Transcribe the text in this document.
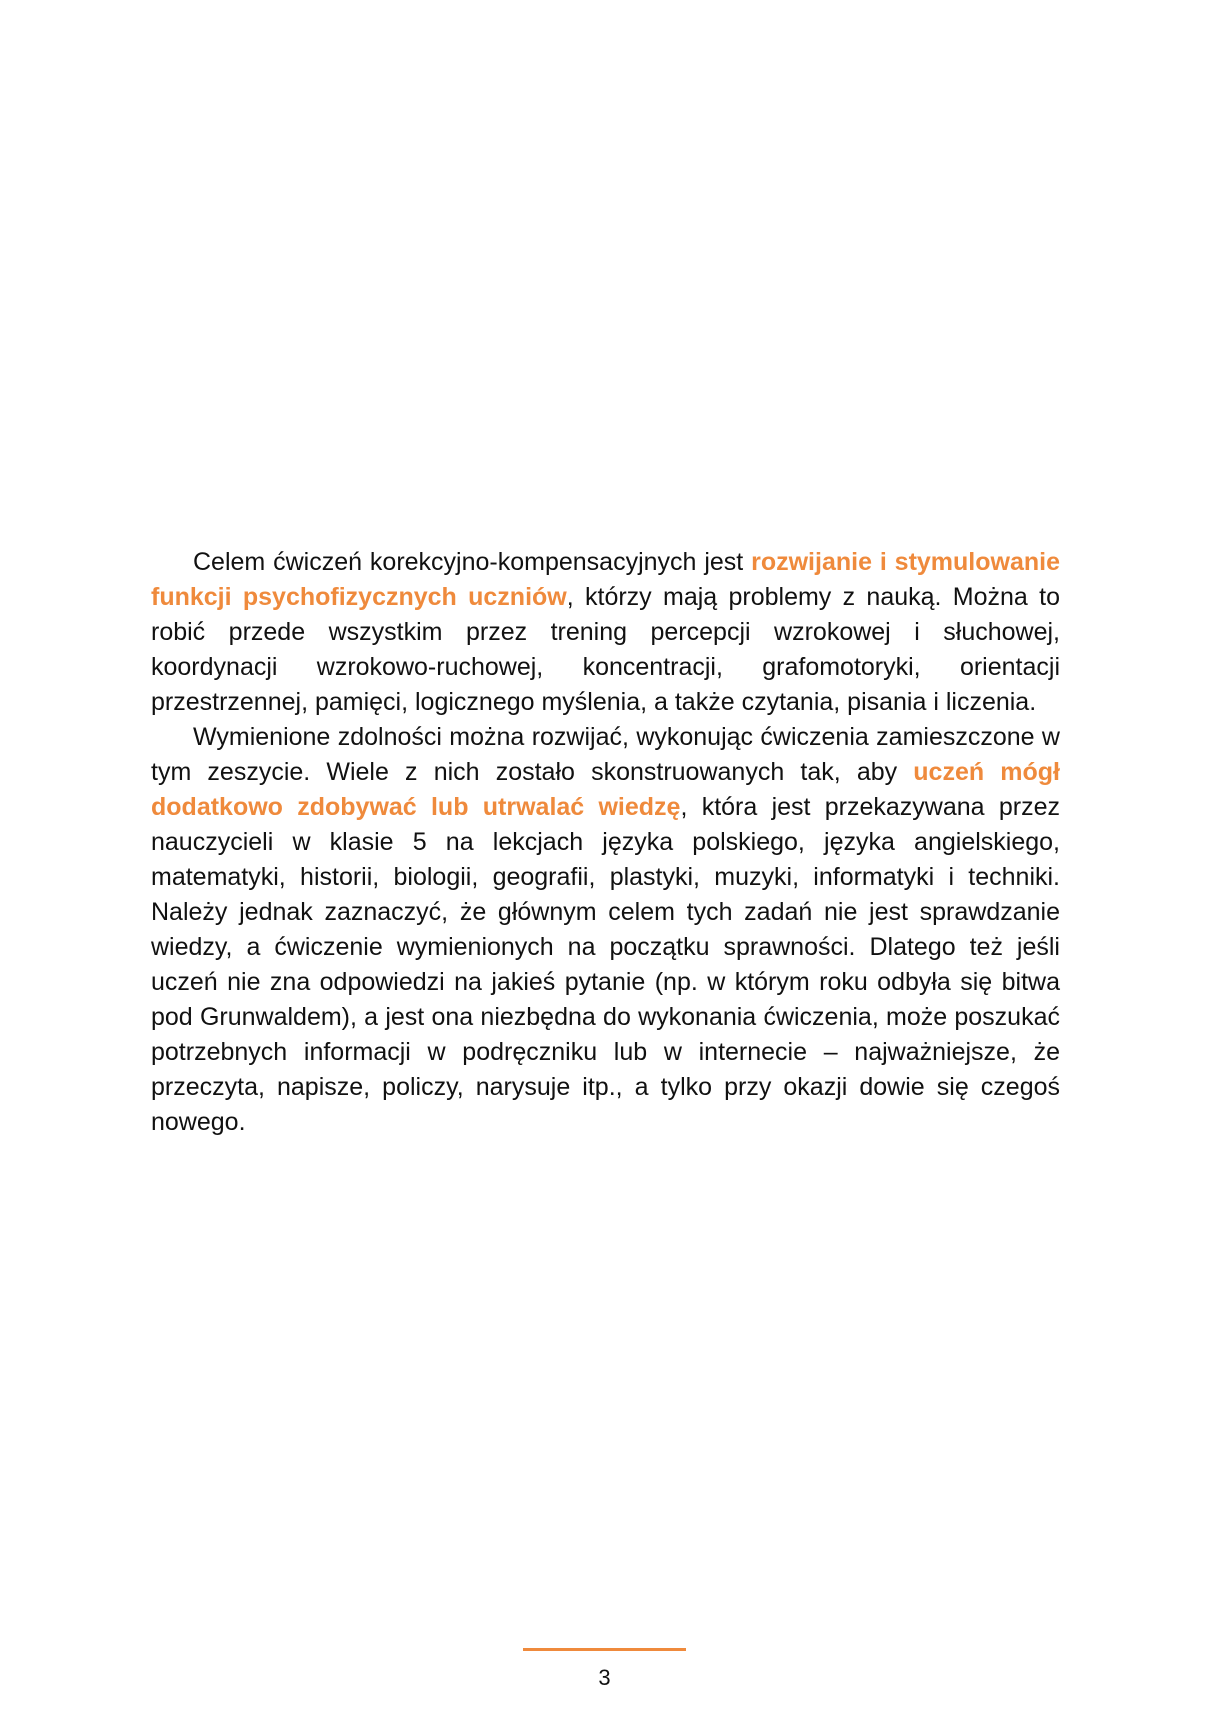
Celem ćwiczeń korekcyjno-kompensacyjnych jest rozwijanie i stymulowanie funkcji psychofizycznych uczniów, którzy mają problemy z nauką. Można to robić przede wszystkim przez trening percepcji wzrokowej i słuchowej, koordynacji wzrokowo-ruchowej, koncentracji, grafomotoryki, orientacji przestrzennej, pamięci, logicznego myślenia, a także czytania, pisania i liczenia.

Wymienione zdolności można rozwijać, wykonując ćwiczenia zamieszczone w tym zeszycie. Wiele z nich zostało skonstruowanych tak, aby uczeń mógł dodatkowo zdobywać lub utrwalać wiedzę, która jest przekazywana przez nauczycieli w klasie 5 na lekcjach języka polskiego, języka angielskiego, matematyki, historii, biologii, geografii, plastyki, muzyki, informatyki i techniki. Należy jednak zaznaczyć, że głównym celem tych zadań nie jest sprawdzanie wiedzy, a ćwiczenie wymienionych na początku sprawności. Dlatego też jeśli uczeń nie zna odpowiedzi na jakieś pytanie (np. w którym roku odbyła się bitwa pod Grunwaldem), a jest ona niezbędna do wykonania ćwiczenia, może poszukać potrzebnych informacji w podręczniku lub w internecie – najważniejsze, że przeczyta, napisze, policzy, narysuje itp., a tylko przy okazji dowie się czegoś nowego.

3
